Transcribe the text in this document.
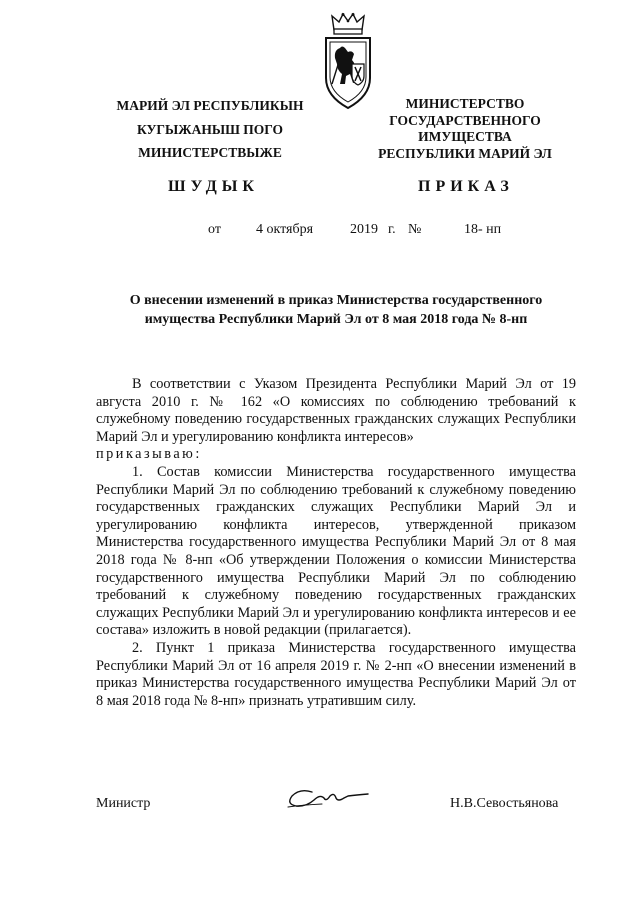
МАРИЙ ЭЛ РЕСПУБЛИКЫН
КУГЫЖАНЫШ ПОГО
МИНИСТЕРСТВЫЖЕ
МИНИСТЕРСТВО
ГОСУДАРСТВЕННОГО
ИМУЩЕСТВА
РЕСПУБЛИКИ МАРИЙ ЭЛ
ШУДЫК	ПРИКАЗ
от	4 октября	2019 г. №	18- нп
О внесении изменений в приказ Министерства государственного имущества Республики Марий Эл от 8 мая 2018 года № 8-нп

В соответствии с Указом Президента Республики Марий Эл от 19 августа 2010 г. № 162 «О комиссиях по соблюдению требований к служебному поведению государственных гражданских служащих Республики Марий Эл и урегулированию конфликта интересов»

приказываю:

1. Состав комиссии Министерства государственного имущества Республики Марий Эл по соблюдению требований к служебному поведению государственных гражданских служащих Республики Марий Эл и урегулированию конфликта интересов, утвержденной приказом Министерства государственного имущества Республики Марий Эл от 8 мая 2018 года № 8-нп «Об утверждении Положения о комиссии Министерства государственного имущества Республики Марий Эл по соблюдению требований к служебному поведению государственных гражданских служащих Республики Марий Эл и урегулированию конфликта интересов и ее состава» изложить в новой редакции (прилагается).

2. Пункт 1 приказа Министерства государственного имущества Республики Марий Эл от 16 апреля 2019 г. № 2-нп «О внесении изменений в приказ Министерства государственного имущества Республики Марий Эл от 8 мая 2018 года № 8-нп» признать утратившим силу.

Министр	Н.В.Севостьянова
